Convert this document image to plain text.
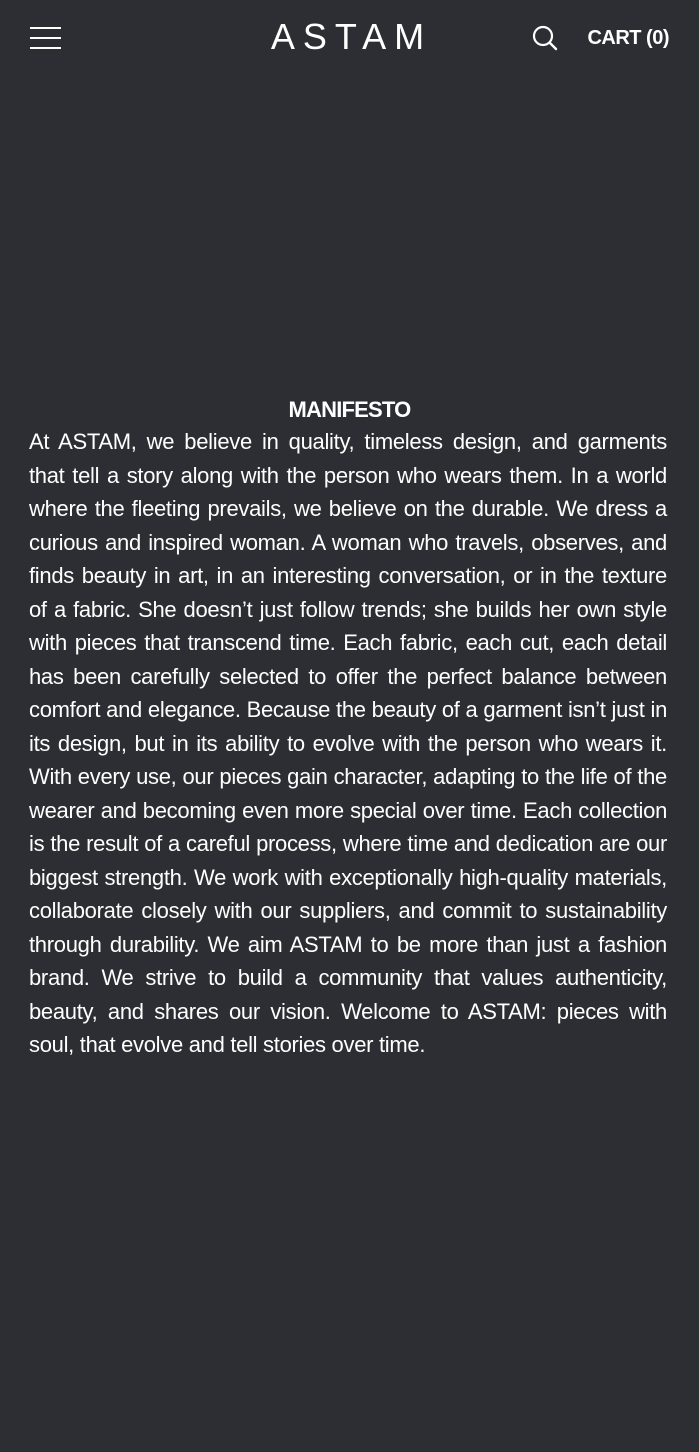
ASTAM	CART (0)
MANIFESTO

At ASTAM, we believe in quality, timeless design, and garments that tell a story along with the person who wears them. In a world where the fleeting prevails, we believe on the durable. We dress a curious and inspired woman. A woman who travels, observes, and finds beauty in art, in an interesting conversation, or in the texture of a fabric. She doesn’t just follow trends; she builds her own style with pieces that transcend time. Each fabric, each cut, each detail has been carefully selected to offer the perfect balance between comfort and elegance. Because the beauty of a garment isn’t just in its design, but in its ability to evolve with the person who wears it. With every use, our pieces gain character, adapting to the life of the wearer and becoming even more special over time. Each collection is the result of a careful process, where time and dedication are our biggest strength. We work with exceptionally high-quality materials, collaborate closely with our suppliers, and commit to sustainability through durability. We aim ASTAM to be more than just a fashion brand. We strive to build a community that values authenticity, beauty, and shares our vision. Welcome to ASTAM: pieces with soul, that evolve and tell stories over time.
